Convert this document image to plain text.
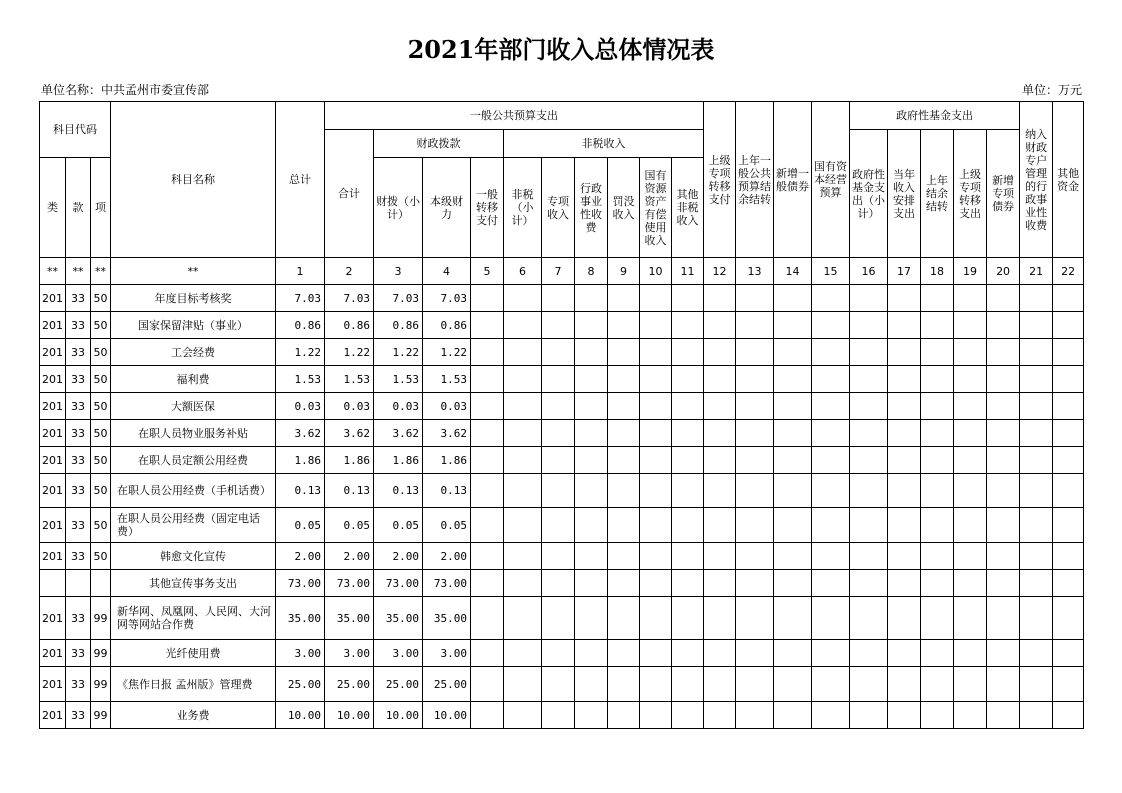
2021年部门收入总体情况表
单位名称：中共孟州市委宣传部	单位：万元
科目代码			科目名称	总计	一般公共预算支出										上级专项转移支付	上年一般公共预算结余结转	新增一般债券	国有资本经营预算	政府性基金支出					纳入财政专户管理的行政事业性收费	其他资金

					合计	财政拨款			非税收入										政府性基金支出（小计）	当年收入安排支出	上年结余结转	上级专项转移支出	新增专项债券		

类	款	项				财拨（小计）	本级财力	一般转移支付	非税（小计）	专项收入	行政事业性收费	罚没收入	国有资源资产有偿使用收入	其他非税收入											

**	**	**	**	1	2	3	4	5	6	7	8	9	10	11	12	13	14	15	16	17	18	19	20	21	22
201	33	50	年度目标考核奖	7.03	7.03	7.03	7.03																		
201	33	50	国家保留津贴（事业）	0.86	0.86	0.86	0.86																		
201	33	50	工会经费	1.22	1.22	1.22	1.22																		
201	33	50	福利费	1.53	1.53	1.53	1.53																		
201	33	50	大额医保	0.03	0.03	0.03	0.03																		
201	33	50	在职人员物业服务补贴	3.62	3.62	3.62	3.62																		
201	33	50	在职人员定额公用经费	1.86	1.86	1.86	1.86																		
201	33	50	在职人员公用经费（手机话费）	0.13	0.13	0.13	0.13																		
201	33	50	在职人员公用经费（固定电话费）	0.05	0.05	0.05	0.05																		
201	33	50	韩愈文化宣传	2.00	2.00	2.00	2.00																		
			其他宣传事务支出	73.00	73.00	73.00	73.00																		
201	33	99	新华网、凤凰网、人民网、大河网等网站合作费	35.00	35.00	35.00	35.00																		
201	33	99	光纤使用费	3.00	3.00	3.00	3.00																		
201	33	99	《焦作日报 孟州版》管理费	25.00	25.00	25.00	25.00																		
201	33	99	业务费	10.00	10.00	10.00	10.00																		
